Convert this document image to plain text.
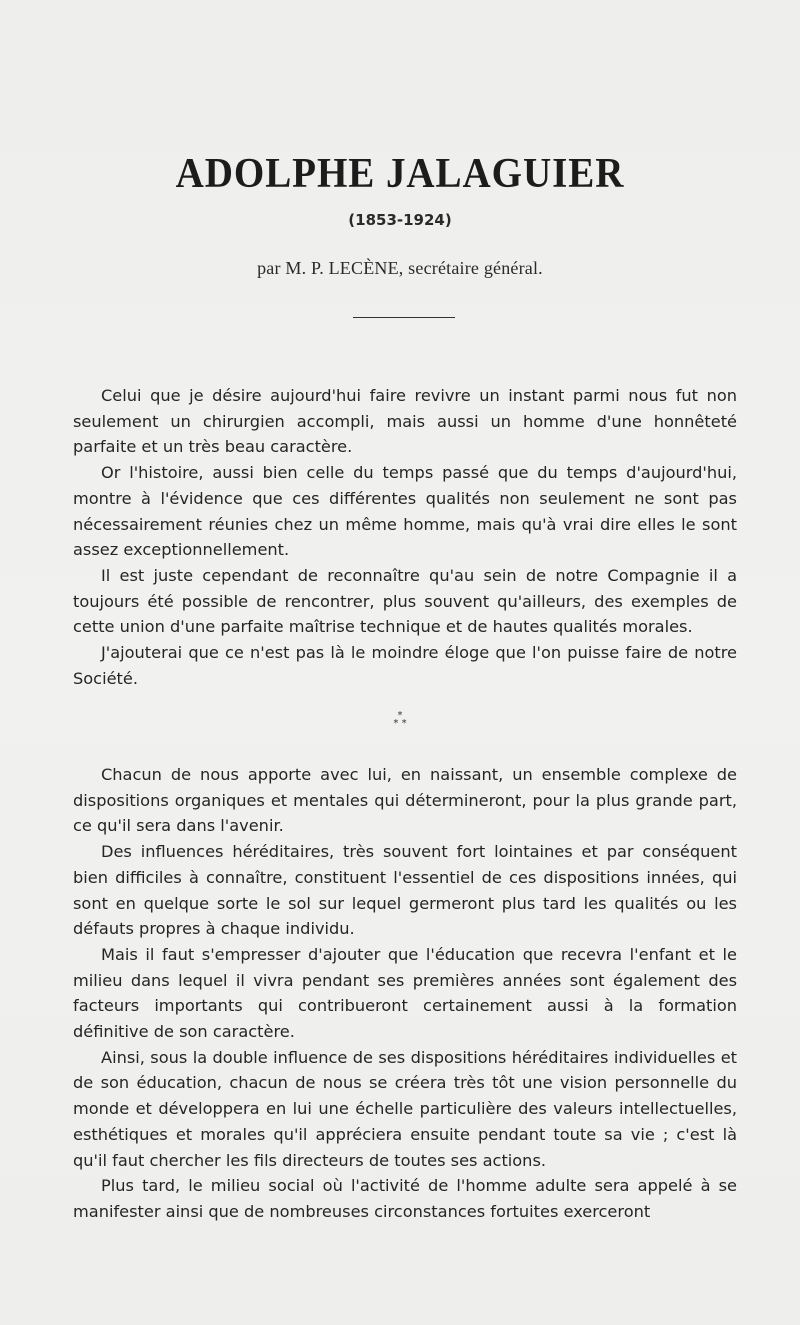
ADOLPHE JALAGUIER
(1853-1924)
par M. P. LECÈNE, secrétaire général.

Celui que je désire aujourd'hui faire revivre un instant parmi nous fut non seulement un chirurgien accompli, mais aussi un homme d'une honnêteté parfaite et un très beau caractère.

Or l'histoire, aussi bien celle du temps passé que du temps d'aujourd'hui, montre à l'évidence que ces différentes qualités non seulement ne sont pas nécessairement réunies chez un même homme, mais qu'à vrai dire elles le sont assez exceptionnellement.

Il est juste cependant de reconnaître qu'au sein de notre Compagnie il a toujours été possible de rencontrer, plus souvent qu'ailleurs, des exemples de cette union d'une parfaite maîtrise technique et de hautes qualités morales.

J'ajouterai que ce n'est pas là le moindre éloge que l'on puisse faire de notre Société.

*
* *

Chacun de nous apporte avec lui, en naissant, un ensemble complexe de dispositions organiques et mentales qui détermineront, pour la plus grande part, ce qu'il sera dans l'avenir.

Des influences héréditaires, très souvent fort lointaines et par conséquent bien difficiles à connaître, constituent l'essentiel de ces dispositions innées, qui sont en quelque sorte le sol sur lequel germeront plus tard les qualités ou les défauts propres à chaque individu.

Mais il faut s'empresser d'ajouter que l'éducation que recevra l'enfant et le milieu dans lequel il vivra pendant ses premières années sont également des facteurs importants qui contribueront certainement aussi à la formation définitive de son caractère.

Ainsi, sous la double influence de ses dispositions héréditaires individuelles et de son éducation, chacun de nous se créera très tôt une vision personnelle du monde et développera en lui une échelle particulière des valeurs intellectuelles, esthétiques et morales qu'il appréciera ensuite pendant toute sa vie ; c'est là qu'il faut chercher les fils directeurs de toutes ses actions.

Plus tard, le milieu social où l'activité de l'homme adulte sera appelé à se manifester ainsi que de nombreuses circonstances fortuites exerceront
